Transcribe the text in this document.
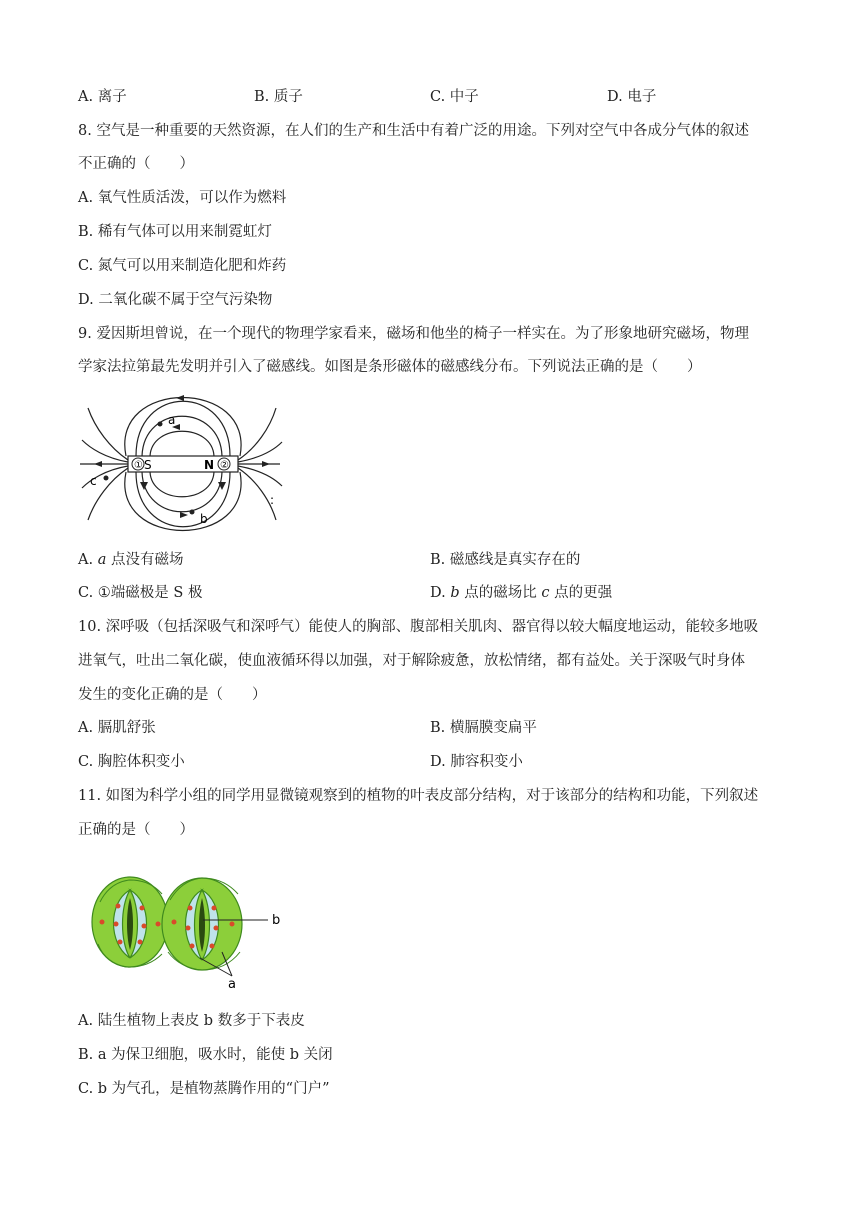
A. 离子	B. 质子	C. 中子	D. 电子
8. 空气是一种重要的天然资源，在人们的生产和生活中有着广泛的用途。下列对空气中各成分气体的叙述
不正确的（　　）
A. 氧气性质活泼，可以作为燃料
B. 稀有气体可以用来制霓虹灯
C. 氮气可以用来制造化肥和炸药
D. 二氧化碳不属于空气污染物
9. 爱因斯坦曾说，在一个现代的物理学家看来，磁场和他坐的椅子一样实在。为了形象地研究磁场，物理
学家法拉第最先发明并引入了磁感线。如图是条形磁体的磁感线分布。下列说法正确的是（　　）
a
b
c
① S	N ②
:
A. a 点没有磁场	B. 磁感线是真实存在的
C. ①端磁极是 S 极	D. b 点的磁场比 c 点的更强
10. 深呼吸（包括深吸气和深呼气）能使人的胸部、腹部相关肌肉、器官得以较大幅度地运动，能较多地吸
进氧气，吐出二氧化碳，使血液循环得以加强，对于解除疲惫，放松情绪，都有益处。关于深吸气时身体
发生的变化正确的是（　　）
A. 膈肌舒张	B. 横膈膜变扁平
C. 胸腔体积变小	D. 肺容积变小
11. 如图为科学小组的同学用显微镜观察到的植物的叶表皮部分结构，对于该部分的结构和功能，下列叙述
正确的是（　　）
b
a
A. 陆生植物上表皮 b 数多于下表皮
B. a 为保卫细胞，吸水时，能使 b 关闭
C. b 为气孔，是植物蒸腾作用的“门户”
